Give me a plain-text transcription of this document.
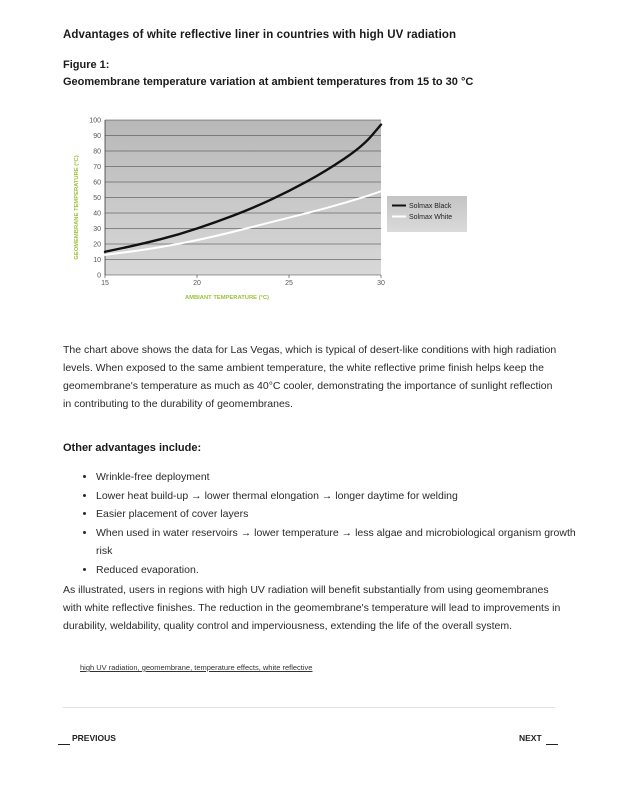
Advantages of white reflective liner in countries with high UV radiation

Figure 1:

Geomembrane temperature variation at ambient temperatures from 15 to 30 °C

0
10
20
30
40
50
60
70
80
90
100
15	20	25	30
AMBIANT TEMPERATURE (°C)
GEOMEMBRANE TEMPERATURE (°C)	Solmax Black
Solmax White

The chart above shows the data for Las Vegas, which is typical of desert-like conditions with high radiation levels. When exposed to the same ambient temperature, the white reflective prime finish helps keep the geomembrane's temperature as much as 40°C cooler, demonstrating the importance of sunlight reflection in contributing to the durability of geomembranes.

Other advantages include:

• Wrinkle-free deployment
• Lower heat build-up → lower thermal elongation → longer daytime for welding
• Easier placement of cover layers
• When used in water reservoirs → lower temperature → less algae and microbiological organism growth risk
• Reduced evaporation.

As illustrated, users in regions with high UV radiation will benefit substantially from using geomembranes with white reflective finishes. The reduction in the geomembrane's temperature will lead to improvements in durability, weldability, quality control and imperviousness, extending the life of the overall system.

high UV radiation, geomembrane, temperature effects, white reflective
PREVIOUS	NEXT
